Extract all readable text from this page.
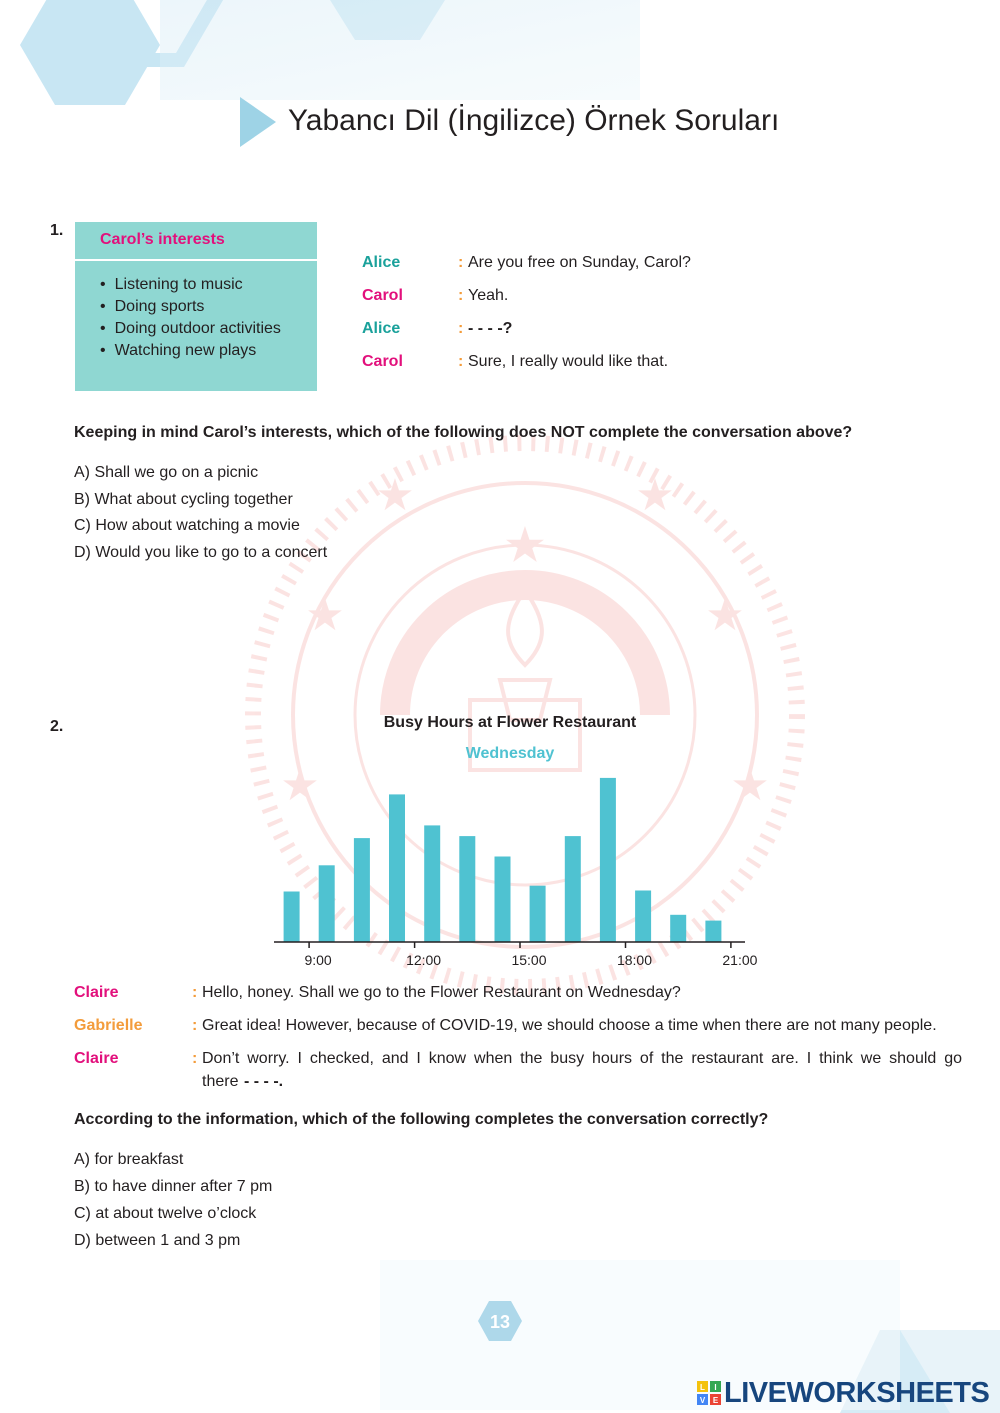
★
★	★
★	★
★	★
Yabancı Dil (İngilizce) Örnek Soruları
1.
Carol’s interests
• Listening to music
• Doing sports
• Doing outdoor activities
• Watching new plays
Alice	: Are you free on Sunday, Carol?
Carol	: Yeah.
Alice	: - - - -?
Carol	: Sure, I really would like that.
Keeping in mind Carol’s interests, which of the following does NOT complete the conversation above?
A) Shall we go on a picnic
B) What about cycling together
C) How about watching a movie
D) Would you like to go to a concert
2.	Busy Hours at Flower Restaurant
Wednesday
9:00	12:00	15:00	18:00	21:00
Claire	: Hello, honey. Shall we go to the Flower Restaurant on Wednesday?
Gabrielle	: Great idea! However, because of COVID-19, we should choose a time when there are not many people.
Claire	: Don’t worry. I checked, and I know when the busy hours of the restaurant are. I think we should go
there - - - -.
According to the information, which of the following completes the conversation correctly?
A) for breakfast
B) to have dinner after 7 pm
C) at about twelve o’clock
D) between 1 and 3 pm
13
L I
V E LIVEWORKSHEETS
